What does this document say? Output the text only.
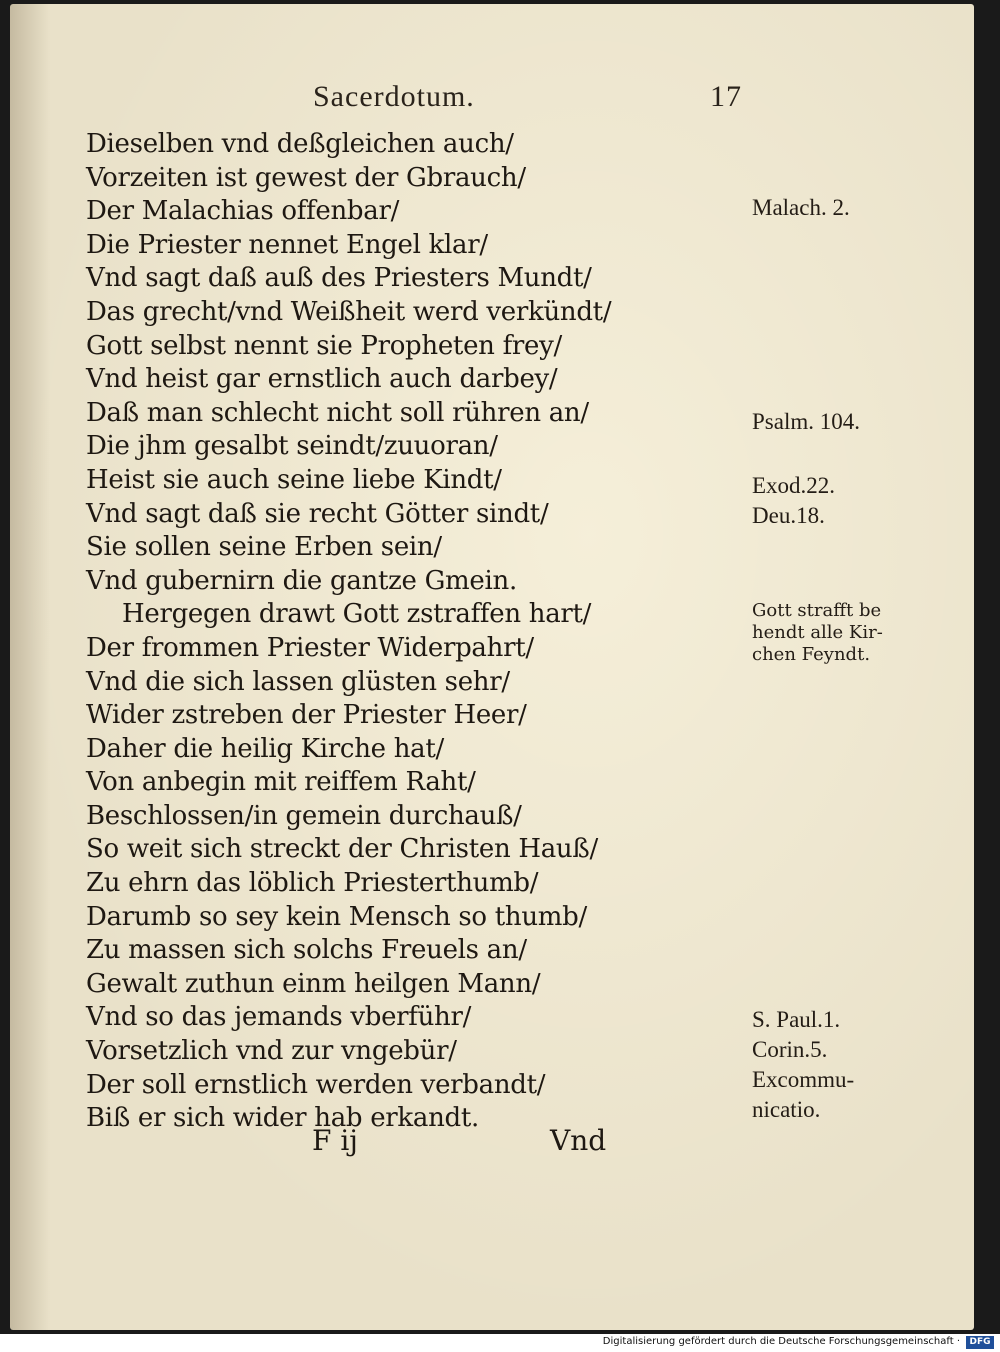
Sacerdotum.	17
Dieselben vnd deßgleichen auch/
Vorzeiten ist gewest der Gbrauch/
Der Malachias offenbar/
Die Priester nennet Engel klar/
Vnd sagt daß auß des Priesters Mundt/
Das grecht/vnd Weißheit werd verkündt/
Gott selbst nennt sie Propheten frey/
Vnd heist gar ernstlich auch darbey/
Daß man schlecht nicht soll rühren an/
Die jhm gesalbt seindt/zuuoran/
Heist sie auch seine liebe Kindt/
Vnd sagt daß sie recht Götter sindt/
Sie sollen seine Erben sein/
Vnd gubernirn die gantze Gmein.
Hergegen drawt Gott zstraffen hart/
Der frommen Priester Widerpahrt/
Vnd die sich lassen glüsten sehr/
Wider zstreben der Priester Heer/
Daher die heilig Kirche hat/
Von anbegin mit reiffem Raht/
Beschlossen/in gemein durchauß/
So weit sich streckt der Christen Hauß/
Zu ehrn das löblich Priesterthumb/
Darumb so sey kein Mensch so thumb/
Zu massen sich solchs Freuels an/
Gewalt zuthun einm heilgen Mann/
Vnd so das jemands vberführ/
Vorsetzlich vnd zur vngebür/
Der soll ernstlich werden verbandt/
Biß er sich wider hab erkandt.
Malach. 2.
Psalm. 104.
Exod.22.
Deu.18.
Gott strafft be
hendt alle Kir-
chen Feyndt.
S. Paul.1.
Corin.5.
Excommu-
nicatio.
F ij	Vnd
Digitalisierung gefördert durch die Deutsche Forschungsgemeinschaft ·	DFG
